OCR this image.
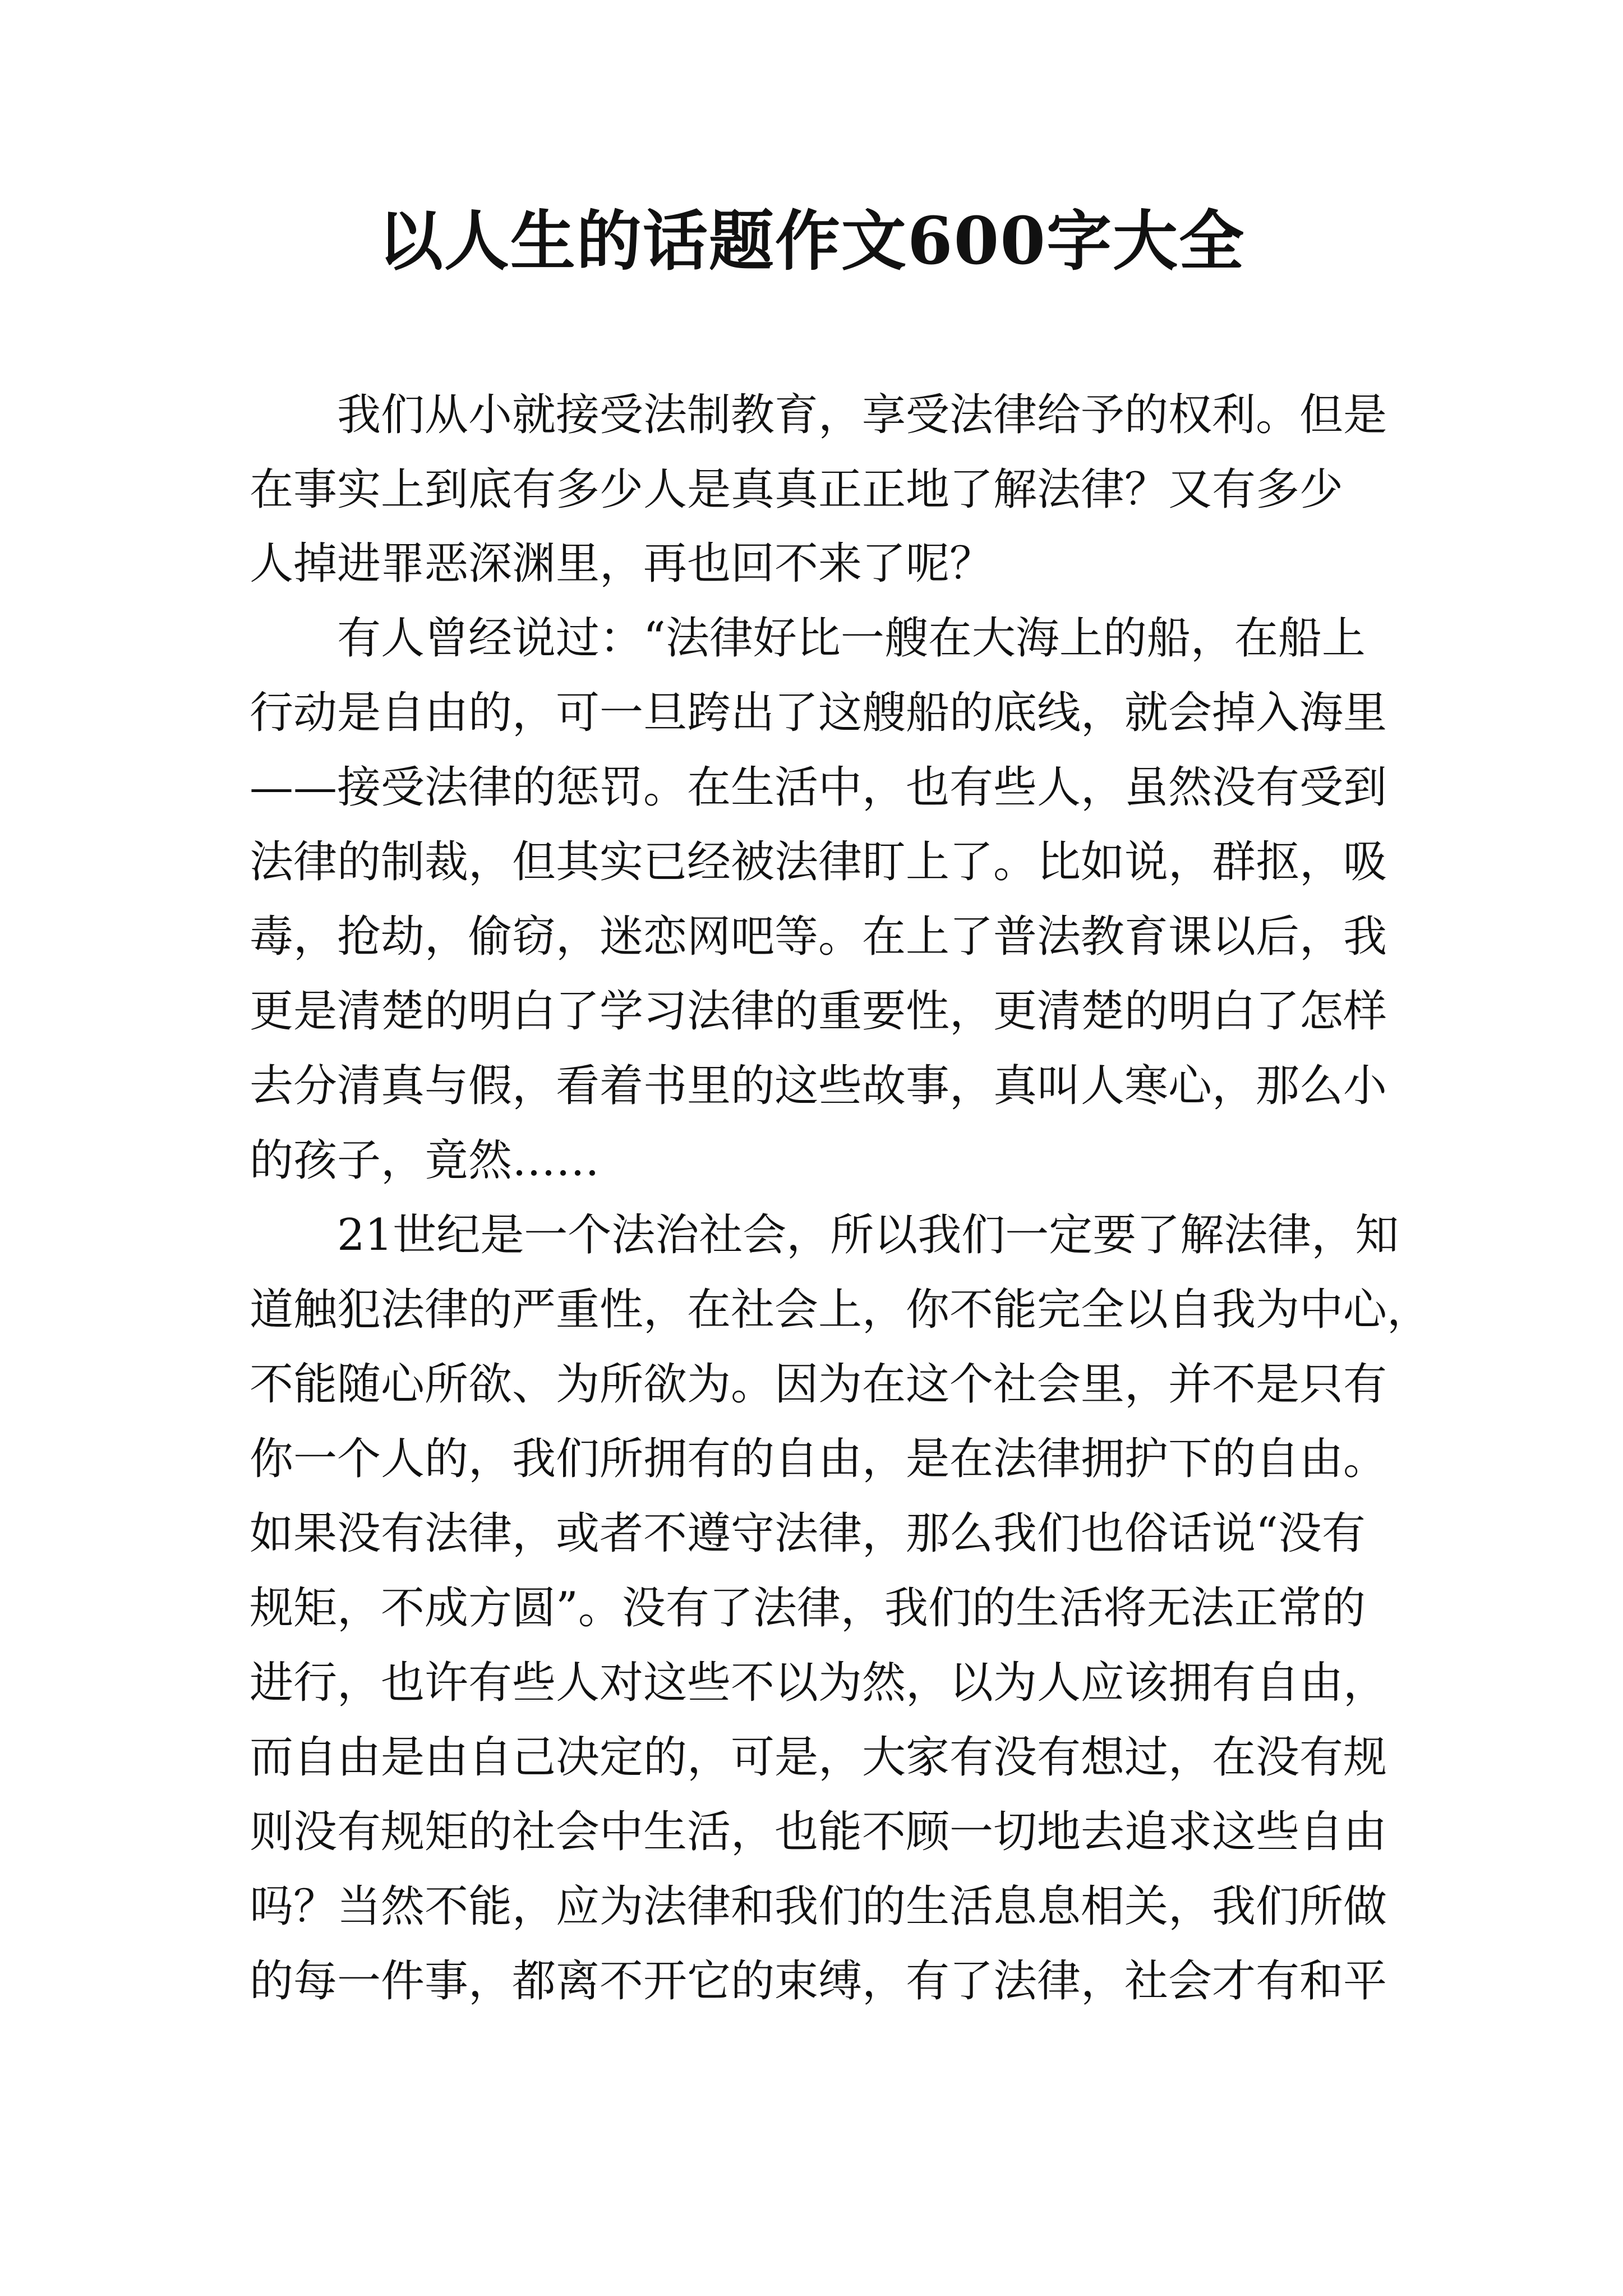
以人生的话题作文600字大全
　　我们从小就接受法制教育，享受法律给予的权利。但是
在事实上到底有多少人是真真正正地了解法律？又有多少
人掉进罪恶深渊里，再也回不来了呢？
　　有人曾经说过：“法律好比一艘在大海上的船，在船上
行动是自由的，可一旦跨出了这艘船的底线，就会掉入海里
——接受法律的惩罚。在生活中，也有些人，虽然没有受到
法律的制裁，但其实已经被法律盯上了。比如说，群抠，吸
毒，抢劫，偷窃，迷恋网吧等。在上了普法教育课以后，我
更是清楚的明白了学习法律的重要性，更清楚的明白了怎样
去分清真与假，看着书里的这些故事，真叫人寒心，那么小
的孩子，竟然……
　　21世纪是一个法治社会，所以我们一定要了解法律，知
道触犯法律的严重性，在社会上，你不能完全以自我为中心，
不能随心所欲、为所欲为。因为在这个社会里，并不是只有
你一个人的，我们所拥有的自由，是在法律拥护下的自由。
如果没有法律，或者不遵守法律，那么我们也俗话说“没有
规矩，不成方圆”。没有了法律，我们的生活将无法正常的
进行，也许有些人对这些不以为然，以为人应该拥有自由，
而自由是由自己决定的，可是，大家有没有想过，在没有规
则没有规矩的社会中生活，也能不顾一切地去追求这些自由
吗？当然不能，应为法律和我们的生活息息相关，我们所做
的每一件事，都离不开它的束缚，有了法律，社会才有和平
